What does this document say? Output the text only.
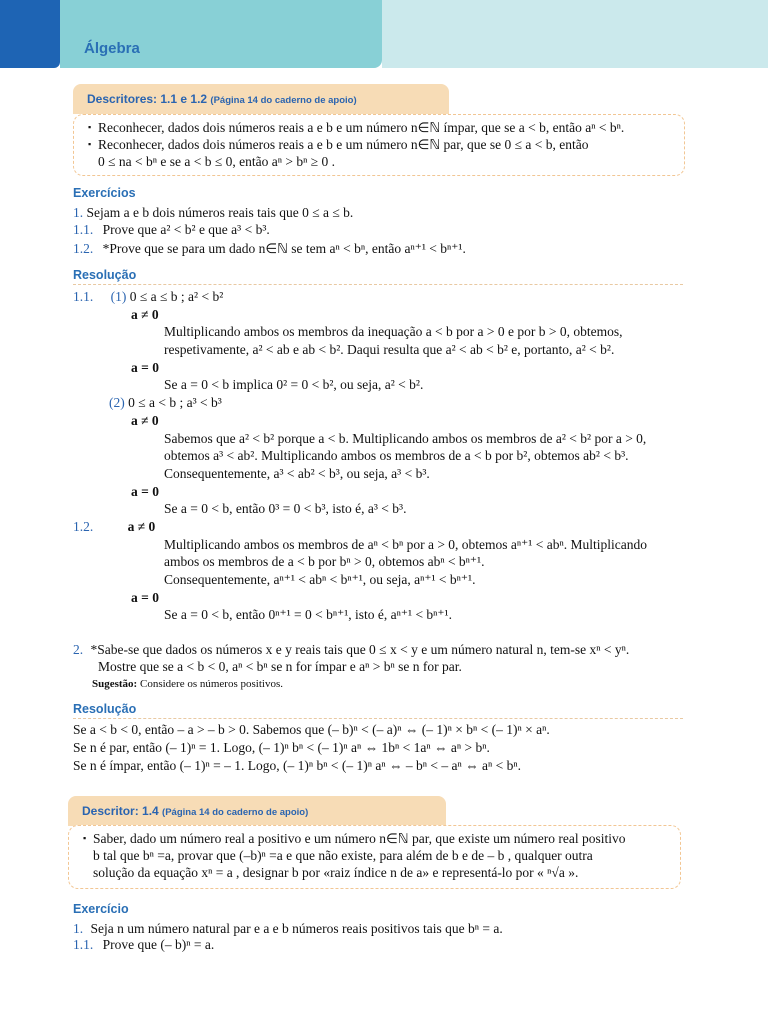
Álgebra
Descritores: 1.1 e 1.2 (Página 14 do caderno de apoio)
▪ Reconhecer, dados dois números reais a e b e um número n∈ℕ ímpar, que se a < b, então aⁿ < bⁿ.
▪ Reconhecer, dados dois números reais a e b e um número n∈ℕ par, que se 0 ≤ a < b, então
0 ≤ na < bⁿ e se a < b ≤ 0, então aⁿ > bⁿ ≥ 0 .
Exercícios
1. Sejam a e b dois números reais tais que 0 ≤ a ≤ b.
1.1. Prove que a² < b² e que a³ < b³.
1.2. *Prove que se para um dado n∈ℕ se tem aⁿ < bⁿ, então aⁿ⁺¹ < bⁿ⁺¹.
Resolução
1.1. (1) 0 ≤ a ≤ b ; a² < b²
a ≠ 0
Multiplicando ambos os membros da inequação a < b por a > 0 e por b > 0, obtemos,
respetivamente, a² < ab e ab < b². Daqui resulta que a² < ab < b² e, portanto, a² < b².
a = 0
Se a = 0 < b implica 0² = 0 < b², ou seja, a² < b².
(2) 0 ≤ a < b ; a³ < b³
a ≠ 0
Sabemos que a² < b² porque a < b. Multiplicando ambos os membros de a² < b² por a > 0,
obtemos a³ < ab². Multiplicando ambos os membros de a < b por b², obtemos ab² < b³.
Consequentemente, a³ < ab² < b³, ou seja, a³ < b³.
a = 0
Se a = 0 < b, então 0³ = 0 < b³, isto é, a³ < b³.
1.2.	a ≠ 0
Multiplicando ambos os membros de aⁿ < bⁿ por a > 0, obtemos aⁿ⁺¹ < abⁿ. Multiplicando
ambos os membros de a < b por bⁿ > 0, obtemos abⁿ < bⁿ⁺¹.
Consequentemente, aⁿ⁺¹ < abⁿ < bⁿ⁺¹, ou seja, aⁿ⁺¹ < bⁿ⁺¹.
a = 0
Se a = 0 < b, então 0ⁿ⁺¹ = 0 < bⁿ⁺¹, isto é, aⁿ⁺¹ < bⁿ⁺¹.
2. *Sabe-se que dados os números x e y reais tais que 0 ≤ x < y e um número natural n, tem-se xⁿ < yⁿ.
Mostre que se a < b < 0, aⁿ < bⁿ se n for ímpar e aⁿ > bⁿ se n for par.
Sugestão: Considere os números positivos.
Resolução
Se a < b < 0, então – a > – b > 0. Sabemos que (– b)ⁿ < (– a)ⁿ ⇔ (– 1)ⁿ × bⁿ < (– 1)ⁿ × aⁿ.
Se n é par, então (– 1)ⁿ = 1. Logo, (– 1)ⁿ bⁿ < (– 1)ⁿ aⁿ ⇔ 1bⁿ < 1aⁿ ⇔ aⁿ > bⁿ.
Se n é ímpar, então (– 1)ⁿ = – 1. Logo, (– 1)ⁿ bⁿ < (– 1)ⁿ aⁿ ⇔ – bⁿ < – aⁿ ⇔ aⁿ < bⁿ.
Descritor: 1.4 (Página 14 do caderno de apoio)
▪ Saber, dado um número real a positivo e um número n∈ℕ par, que existe um número real positivo
b tal que bⁿ =a, provar que (–b)ⁿ =a e que não existe, para além de b e de – b , qualquer outra
solução da equação xⁿ = a , designar b por «raiz índice n de a» e representá-lo por « ⁿ√a ».
Exercício
1. Seja n um número natural par e a e b números reais positivos tais que bⁿ = a.
1.1. Prove que (– b)ⁿ = a.
